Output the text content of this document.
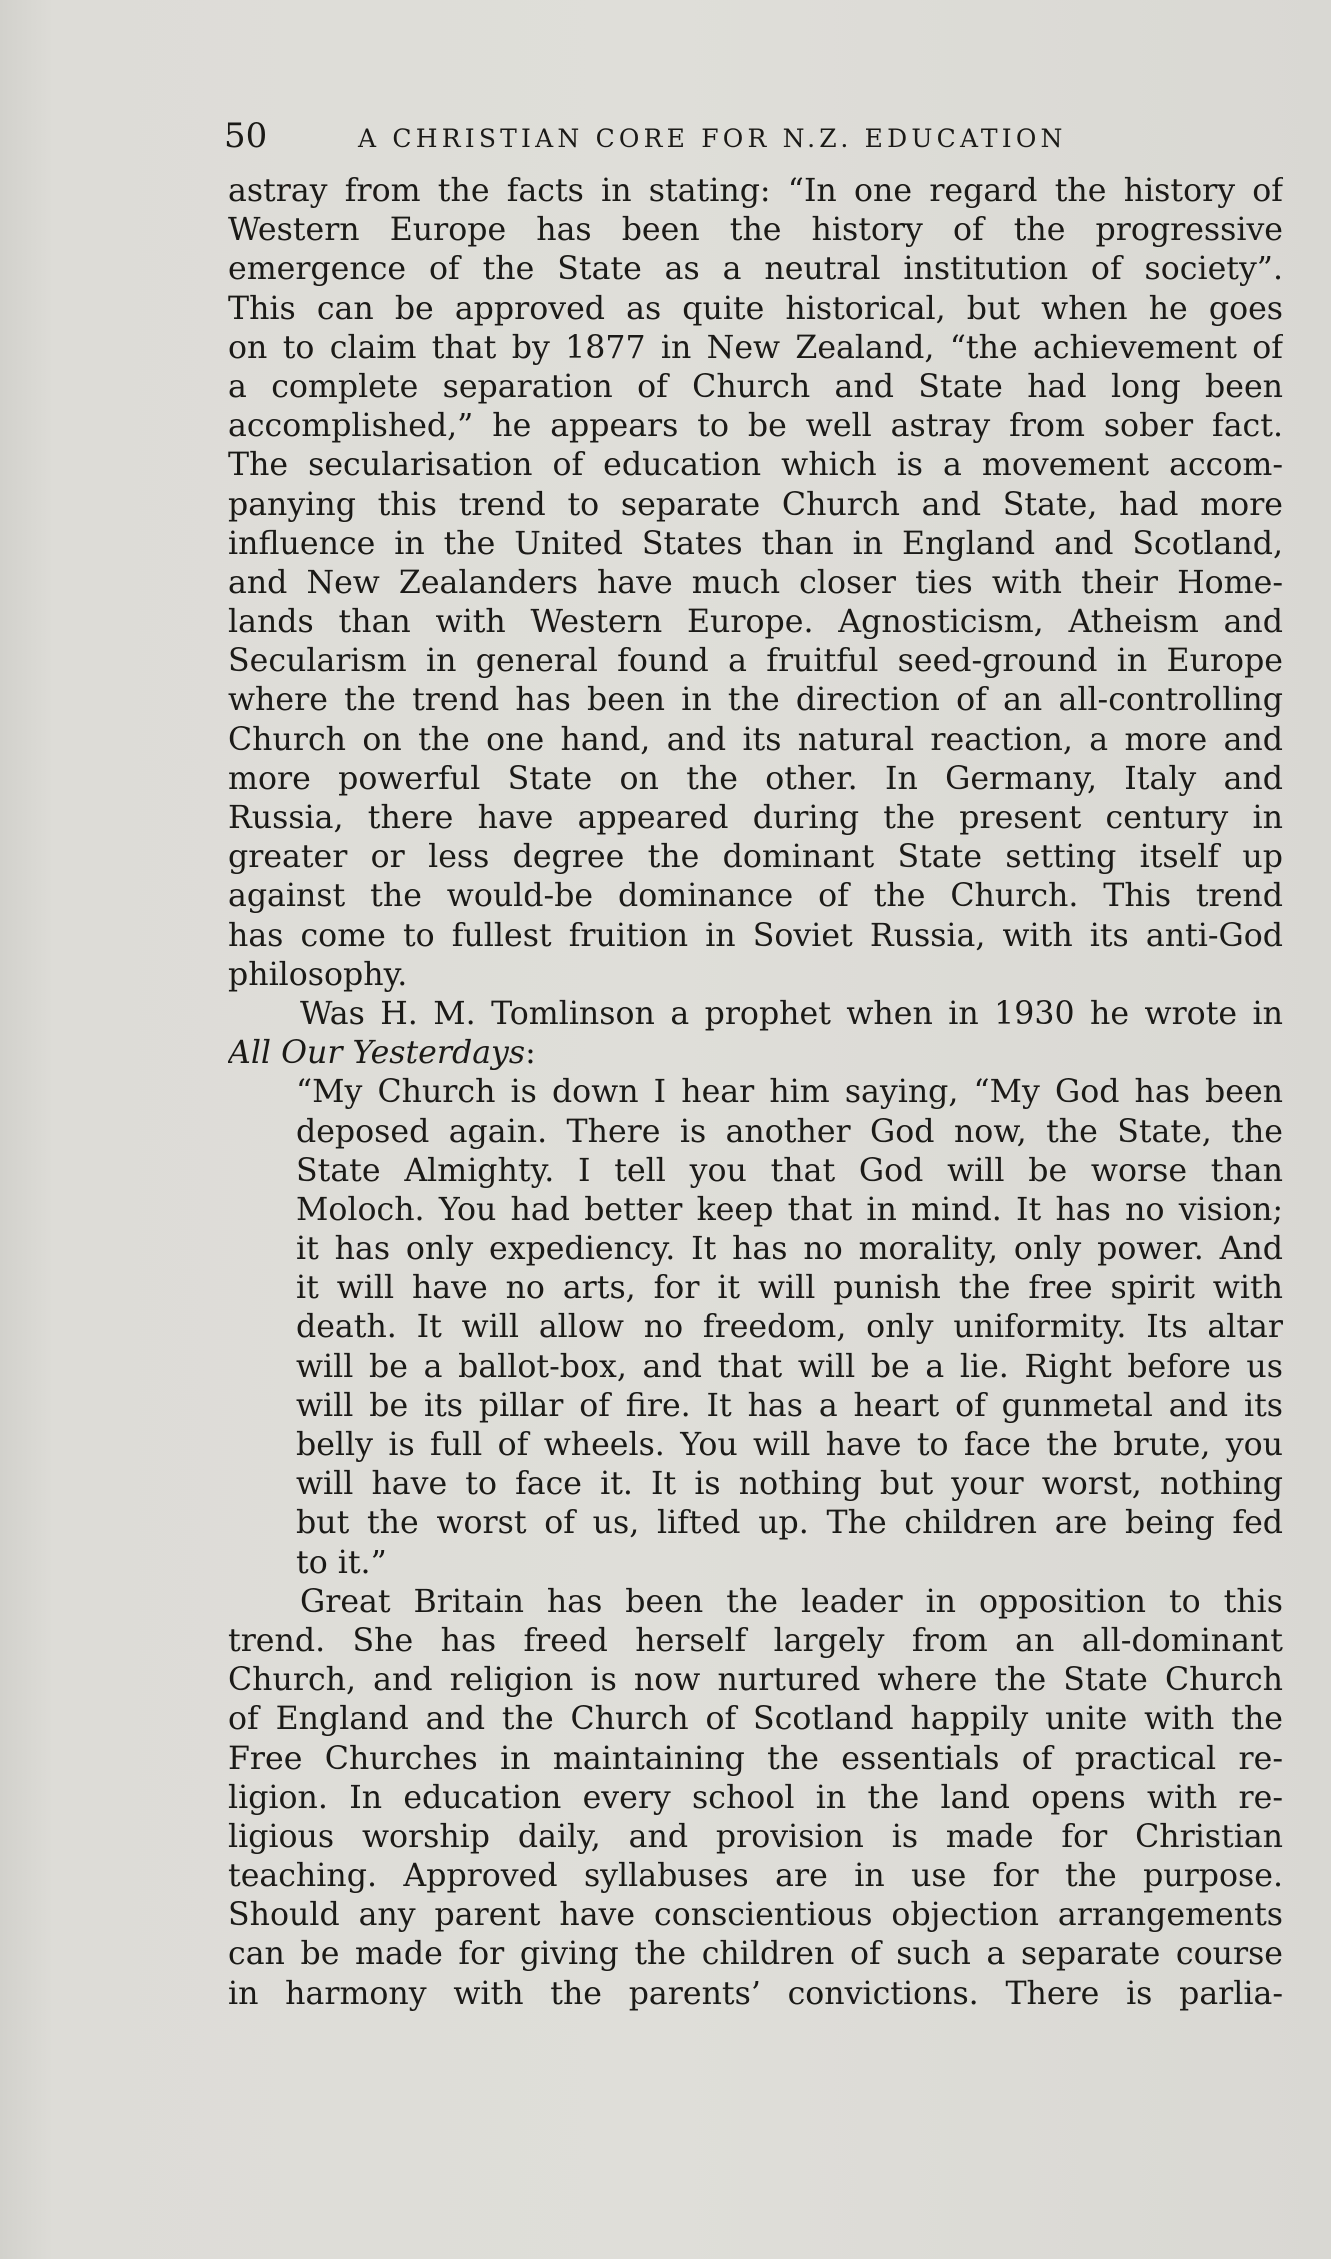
50	A CHRISTIAN CORE FOR N.Z. EDUCATION
astray from the facts in stating: “In one regard the history of
Western Europe has been the history of the progressive
emergence of the State as a neutral institution of society”.
This can be approved as quite historical, but when he goes
on to claim that by 1877 in New Zealand, “the achievement of
a complete separation of Church and State had long been
accomplished,” he appears to be well astray from sober fact.
The secularisation of education which is a movement accom-
panying this trend to separate Church and State, had more
influence in the United States than in England and Scotland,
and New Zealanders have much closer ties with their Home-
lands than with Western Europe. Agnosticism, Atheism and
Secularism in general found a fruitful seed-ground in Europe
where the trend has been in the direction of an all-controlling
Church on the one hand, and its natural reaction, a more and
more powerful State on the other. In Germany, Italy and
Russia, there have appeared during the present century in
greater or less degree the dominant State setting itself up
against the would-be dominance of the Church. This trend
has come to fullest fruition in Soviet Russia, with its anti-God
philosophy.
Was H. M. Tomlinson a prophet when in 1930 he wrote in
All Our Yesterdays:
“My Church is down I hear him saying, “My God has been
deposed again. There is another God now, the State, the
State Almighty. I tell you that God will be worse than
Moloch. You had better keep that in mind. It has no vision;
it has only expediency. It has no morality, only power. And
it will have no arts, for it will punish the free spirit with
death. It will allow no freedom, only uniformity. Its altar
will be a ballot-box, and that will be a lie. Right before us
will be its pillar of fire. It has a heart of gunmetal and its
belly is full of wheels. You will have to face the brute, you
will have to face it. It is nothing but your worst, nothing
but the worst of us, lifted up. The children are being fed
to it.”
Great Britain has been the leader in opposition to this
trend. She has freed herself largely from an all-dominant
Church, and religion is now nurtured where the State Church
of England and the Church of Scotland happily unite with the
Free Churches in maintaining the essentials of practical re-
ligion. In education every school in the land opens with re-
ligious worship daily, and provision is made for Christian
teaching. Approved syllabuses are in use for the purpose.
Should any parent have conscientious objection arrangements
can be made for giving the children of such a separate course
in harmony with the parents’ convictions. There is parlia-
